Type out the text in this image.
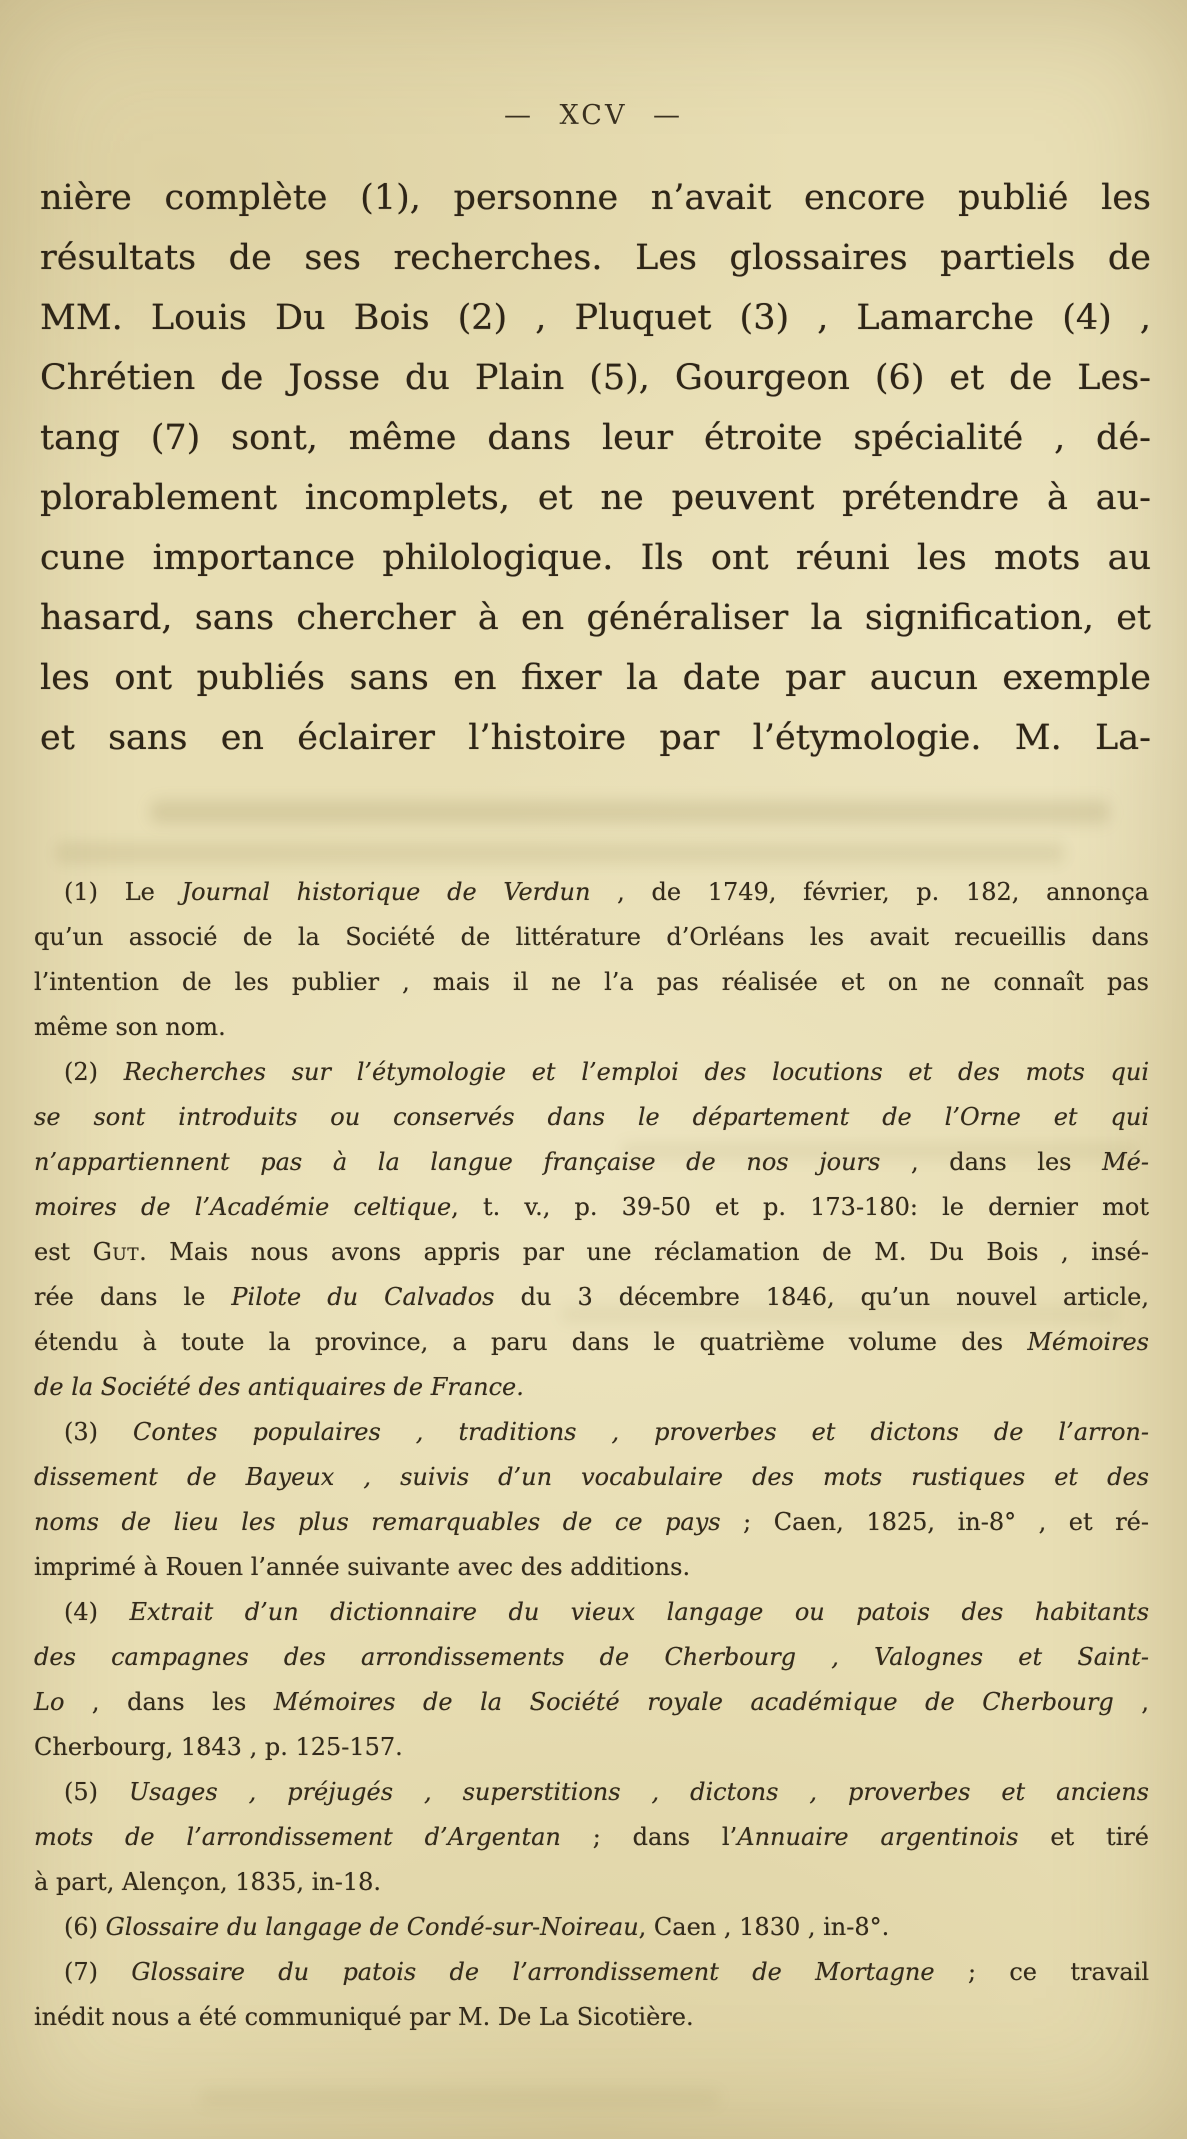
— XCV —
nière complète (1), personne n’avait encore publié les
résultats de ses recherches. Les glossaires partiels de
MM. Louis Du Bois (2) , Pluquet (3) , Lamarche (4) ,
Chrétien de Josse du Plain (5), Gourgeon (6) et de Les-
tang (7) sont, même dans leur étroite spécialité , dé-
plorablement incomplets, et ne peuvent prétendre à au-
cune importance philologique. Ils ont réuni les mots au
hasard, sans chercher à en généraliser la signification, et
les ont publiés sans en fixer la date par aucun exemple
et sans en éclairer l’histoire par l’étymologie. M. La-
(1) Le Journal historique de Verdun , de 1749, février, p. 182, annonça
qu’un associé de la Société de littérature d’Orléans les avait recueillis dans
l’intention de les publier , mais il ne l’a pas réalisée et on ne connaît pas
même son nom.
(2) Recherches sur l’étymologie et l’emploi des locutions et des mots qui
se sont introduits ou conservés dans le département de l’Orne et qui
n’appartiennent pas à la langue française de nos jours , dans les Mé-
moires de l’Académie celtique, t. v., p. 39-50 et p. 173-180: le dernier mot
est Gut. Mais nous avons appris par une réclamation de M. Du Bois , insé-
rée dans le Pilote du Calvados du 3 décembre 1846, qu’un nouvel article,
étendu à toute la province, a paru dans le quatrième volume des Mémoires
de la Société des antiquaires de France.
(3) Contes populaires , traditions , proverbes et dictons de l’arron-
dissement de Bayeux , suivis d’un vocabulaire des mots rustiques et des
noms de lieu les plus remarquables de ce pays ; Caen, 1825, in-8° , et ré-
imprimé à Rouen l’année suivante avec des additions.
(4) Extrait d’un dictionnaire du vieux langage ou patois des habitants
des campagnes des arrondissements de Cherbourg , Valognes et Saint-
Lo , dans les Mémoires de la Société royale académique de Cherbourg ,
Cherbourg, 1843 , p. 125-157.
(5) Usages , préjugés , superstitions , dictons , proverbes et anciens
mots de l’arrondissement d’Argentan ; dans l’Annuaire argentinois et tiré
à part, Alençon, 1835, in-18.
(6) Glossaire du langage de Condé-sur-Noireau, Caen , 1830 , in-8°.
(7) Glossaire du patois de l’arrondissement de Mortagne ; ce travail
inédit nous a été communiqué par M. De La Sicotière.
